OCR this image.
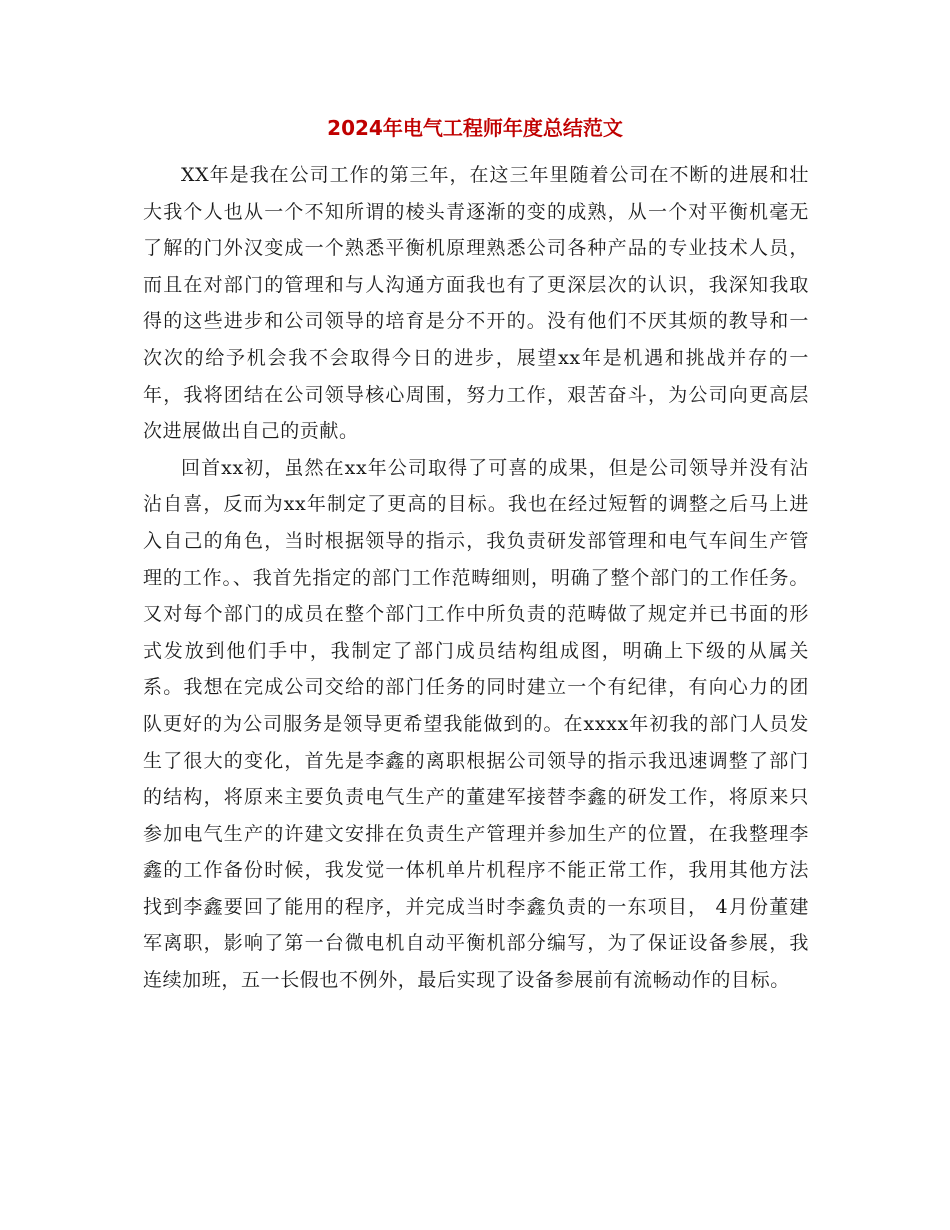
2024年电气工程师年度总结范文

XX年是我在公司工作的第三年，在这三年里随着公司在不断的进展和壮大我个人也从一个不知所谓的棱头青逐渐的变的成熟，从一个对平衡机毫无了解的门外汉变成一个熟悉平衡机原理熟悉公司各种产品的专业技术人员，而且在对部门的管理和与人沟通方面我也有了更深层次的认识，我深知我取得的这些进步和公司领导的培育是分不开的。没有他们不厌其烦的教导和一次次的给予机会我不会取得今日的进步，展望xx年是机遇和挑战并存的一年，我将团结在公司领导核心周围，努力工作，艰苦奋斗，为公司向更高层次进展做出自己的贡献。

回首xx初，虽然在xx年公司取得了可喜的成果，但是公司领导并没有沾沾自喜，反而为xx年制定了更高的目标。我也在经过短暂的调整之后马上进入自己的角色，当时根据领导的指示，我负责研发部管理和电气车间生产管理的工作。、我首先指定的部门工作范畴细则，明确了整个部门的工作任务。又对每个部门的成员在整个部门工作中所负责的范畴做了规定并已书面的形式发放到他们手中，我制定了部门成员结构组成图，明确上下级的从属关系。我想在完成公司交给的部门任务的同时建立一个有纪律，有向心力的团队更好的为公司服务是领导更希望我能做到的。在xxxx年初我的部门人员发生了很大的变化，首先是李鑫的离职根据公司领导的指示我迅速调整了部门的结构，将原来主要负责电气生产的董建军接替李鑫的研发工作，将原来只参加电气生产的许建文安排在负责生产管理并参加生产的位置，在我整理李鑫的工作备份时候，我发觉一体机单片机程序不能正常工作，我用其他方法找到李鑫要回了能用的程序，并完成当时李鑫负责的一东项目， 4月份董建军离职，影响了第一台微电机自动平衡机部分编写，为了保证设备参展，我连续加班，五一长假也不例外，最后实现了设备参展前有流畅动作的目标。
